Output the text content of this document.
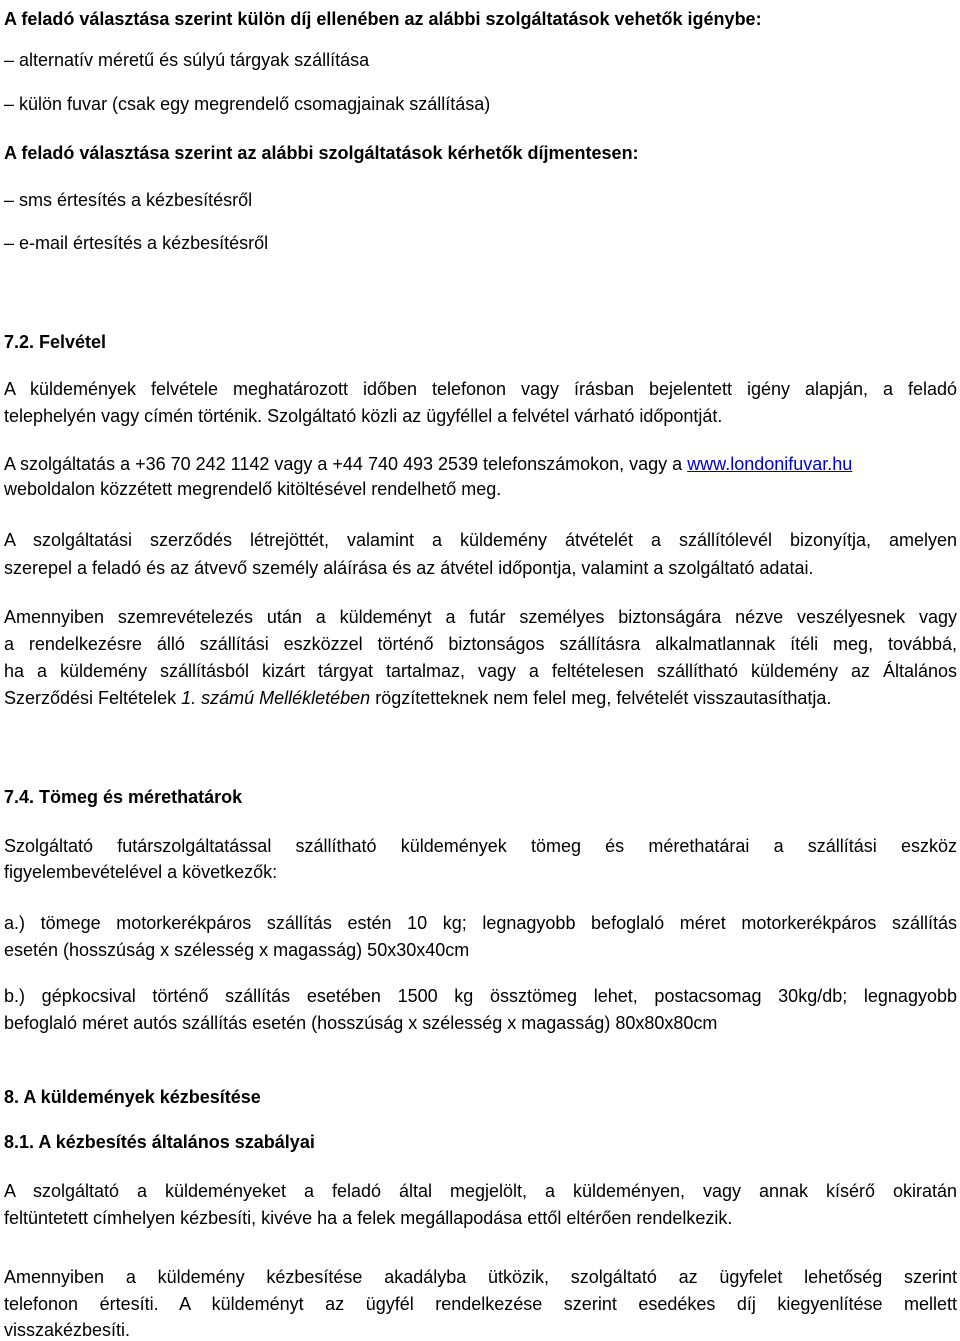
A feladó választása szerint külön díj ellenében az alábbi szolgáltatások vehetők igénybe:
– alternatív méretű és súlyú tárgyak szállítása
– külön fuvar (csak egy megrendelő csomagjainak szállítása)
A feladó választása szerint az alábbi szolgáltatások kérhetők díjmentesen:
– sms értesítés a kézbesítésről
– e-mail értesítés a kézbesítésről
7.2. Felvétel
A küldemények felvétele meghatározott időben telefonon vagy írásban bejelentett igény alapján, a feladó
telephelyén vagy címén történik. Szolgáltató közli az ügyféllel a felvétel várható időpontját.
A szolgáltatás a +36 70 242 1142 vagy a +44 740 493 2539 telefonszámokon, vagy a www.londonifuvar.hu
weboldalon közzétett megrendelő kitöltésével rendelhető meg.
A szolgáltatási szerződés létrejöttét, valamint a küldemény átvételét a szállítólevél bizonyítja, amelyen
szerepel a feladó és az átvevő személy aláírása és az átvétel időpontja, valamint a szolgáltató adatai.
Amennyiben szemrevételezés után a küldeményt a futár személyes biztonságára nézve veszélyesnek vagy
a rendelkezésre álló szállítási eszközzel történő biztonságos szállításra alkalmatlannak ítéli meg, továbbá,
ha a küldemény szállításból kizárt tárgyat tartalmaz, vagy a feltételesen szállítható küldemény az Általános
Szerződési Feltételek 1. számú Mellékletében rögzítetteknek nem felel meg, felvételét visszautasíthatja.
7.4. Tömeg és mérethatárok
Szolgáltató futárszolgáltatással szállítható küldemények tömeg és mérethatárai a szállítási eszköz
figyelembevételével a következők:
a.) tömege motorkerékpáros szállítás estén 10 kg; legnagyobb befoglaló méret motorkerékpáros szállítás
esetén (hosszúság x szélesség x magasság) 50x30x40cm
b.) gépkocsival történő szállítás esetében 1500 kg össztömeg lehet, postacsomag 30kg/db; legnagyobb
befoglaló méret autós szállítás esetén (hosszúság x szélesség x magasság) 80x80x80cm
8. A küldemények kézbesítése
8.1. A kézbesítés általános szabályai
A szolgáltató a küldeményeket a feladó által megjelölt, a küldeményen, vagy annak kísérő okiratán
feltüntetett címhelyen kézbesíti, kivéve ha a felek megállapodása ettől eltérően rendelkezik.
Amennyiben a küldemény kézbesítése akadályba ütközik, szolgáltató az ügyfelet lehetőség szerint
telefonon értesíti. A küldeményt az ügyfél rendelkezése szerint esedékes díj kiegyenlítése mellett
visszakézbesíti.
